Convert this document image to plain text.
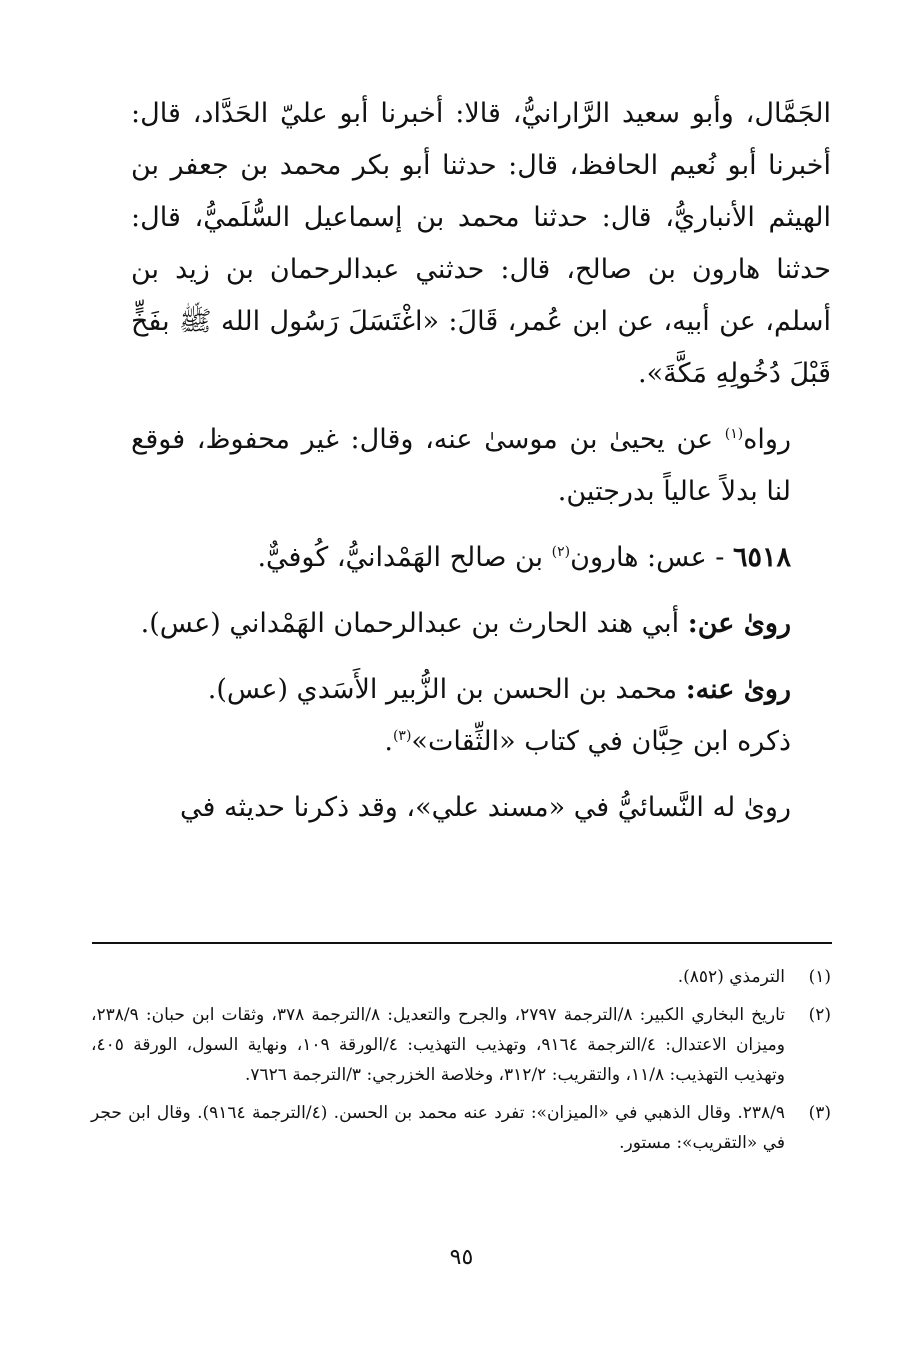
الجَمَّال، وأبو سعيد الرَّارانيُّ، قالا: أخبرنا أبو عليّ الحَدَّاد، قال: أخبرنا أبو نُعيم الحافظ، قال: حدثنا أبو بكر محمد بن جعفر بن الهيثم الأنباريُّ، قال: حدثنا محمد بن إسماعيل السُّلَميُّ، قال: حدثنا هارون بن صالح، قال: حدثني عبدالرحمان بن زيد بن أسلم، عن أبيه، عن ابن عُمر، قَالَ: «اغْتَسَلَ رَسُول الله ﷺ بفَخٍّ قَبْلَ دُخُولِهِ مَكَّةَ».

رواه$^{(١)}$ عن يحيىٰ بن موسىٰ عنه، وقال: غير محفوظ، فوقع لنا بدلاً عالياً بدرجتين.

٦٥١٨ - عس: هارون$^{(٢)}$ بن صالح الهَمْدانيُّ، كُوفيٌّ.

روىٰ عن: أبي هند الحارث بن عبدالرحمان الهَمْداني (عس).

روىٰ عنه: محمد بن الحسن بن الزُّبير الأَسَدي (عس).

ذكره ابن حِبَّان في كتاب «الثِّقات»$^{(٣)}$.

روىٰ له النَّسائيُّ في «مسند علي»، وقد ذكرنا حديثه في

(١)
الترمذي (٨٥٢).
(٢)
تاريخ البخاري الكبير: ٨/الترجمة ٢٧٩٧، والجرح والتعديل: ٨/الترجمة ٣٧٨، وثقات ابن حبان: ٢٣٨/٩، وميزان الاعتدال: ٤/الترجمة ٩١٦٤، وتهذيب التهذيب: ٤/الورقة ١٠٩، ونهاية السول، الورقة ٤٠٥، وتهذيب التهذيب: ١١/٨، والتقريب: ٣١٢/٢، وخلاصة الخزرجي: ٣/الترجمة ٧٦٢٦.
(٣)
٢٣٨/٩. وقال الذهبي في «الميزان»: تفرد عنه محمد بن الحسن. (٤/الترجمة ٩١٦٤). وقال ابن حجر في «التقريب»: مستور.
٩٥
